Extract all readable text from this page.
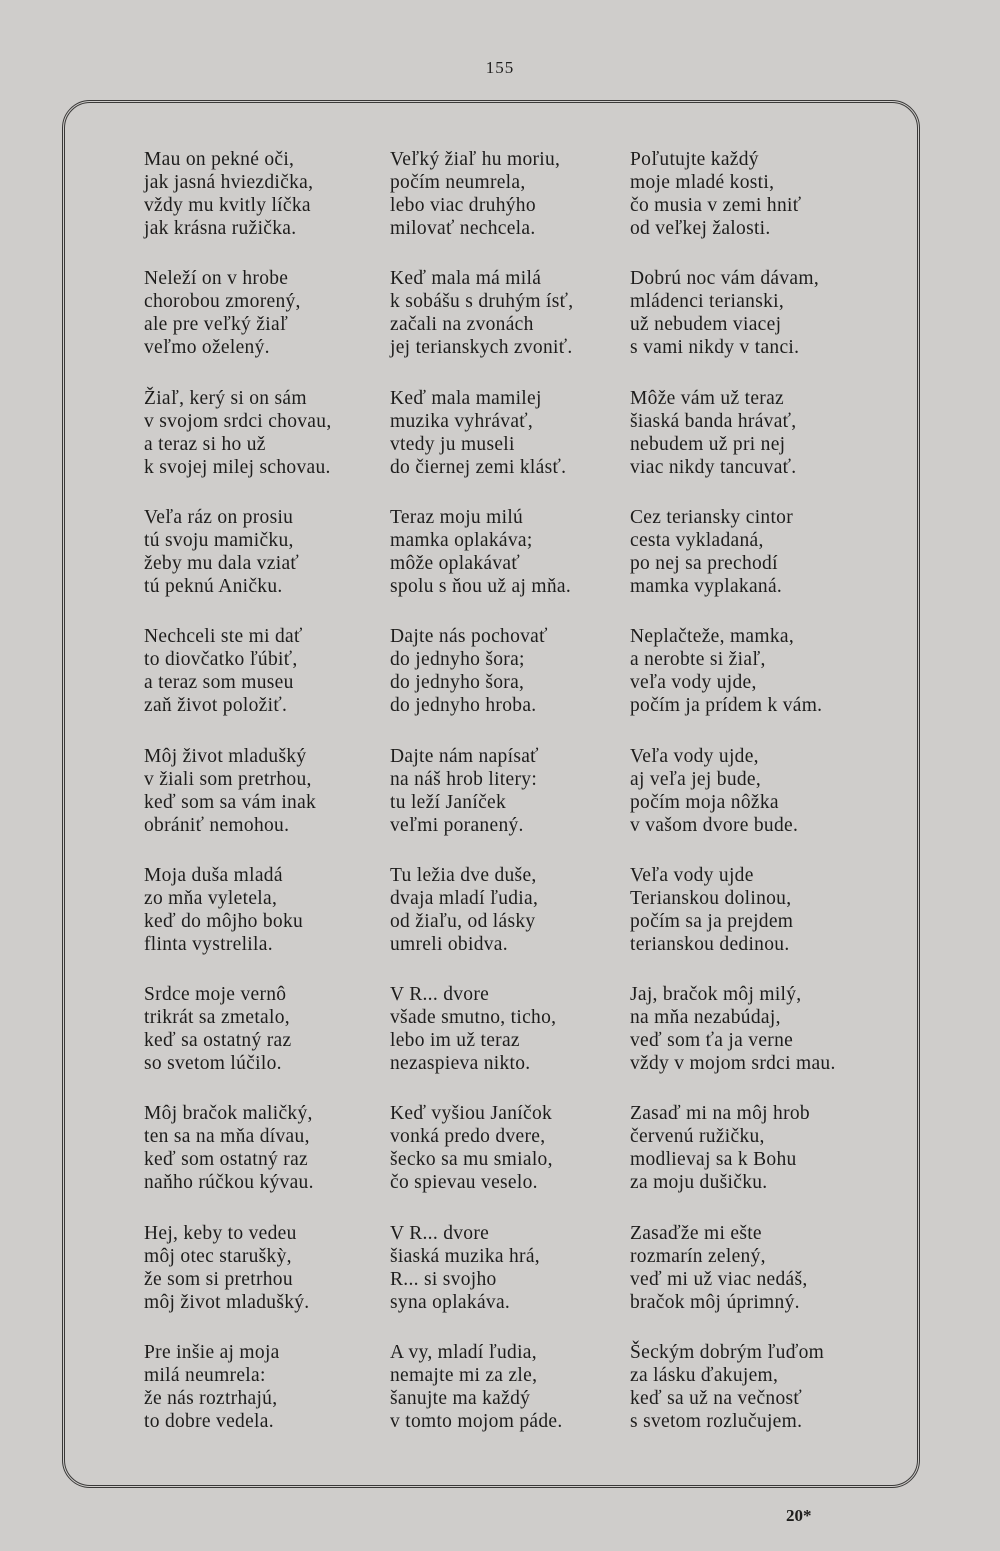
155
Mau on pekné oči,
jak jasná hviezdička,
vždy mu kvitly líčka
jak krásna ružička.
Neleží on v hrobe
chorobou zmorený,
ale pre veľký žiaľ
veľmo oželený.
Žiaľ, kerý si on sám
v svojom srdci chovau,
a teraz si ho už
k svojej milej schovau.
Veľa ráz on prosiu
tú svoju mamičku,
žeby mu dala vziať
tú peknú Aničku.
Nechceli ste mi dať
to diovčatko ľúbiť,
a teraz som museu
zaň život položiť.
Môj život mladušký
v žiali som pretrhou,
keď som sa vám inak
obrániť nemohou.
Moja duša mladá
zo mňa vyletela,
keď do môjho boku
flinta vystrelila.
Srdce moje vernô
trikrát sa zmetalo,
keď sa ostatný raz
so svetom lúčilo.
Môj bračok maličký,
ten sa na mňa dívau,
keď som ostatný raz
naňho rúčkou kývau.
Hej, keby to vedeu
môj otec staruškỳ,
že som si pretrhou
môj život mladušký.
Pre inšie aj moja
milá neumrela:
že nás roztrhajú,
to dobre vedela.
Veľký žiaľ hu moriu,
počím neumrela,
lebo viac druhýho
milovať nechcela.
Keď mala má milá
k sobášu s druhým ísť,
začali na zvonách
jej terianskych zvoniť.
Keď mala mamilej
muzika vyhrávať,
vtedy ju museli
do čiernej zemi klásť.
Teraz moju milú
mamka oplakáva;
môže oplakávať
spolu s ňou už aj mňa.
Dajte nás pochovať
do jednyho šora;
do jednyho šora,
do jednyho hroba.
Dajte nám napísať
na náš hrob litery:
tu leží Janíček
veľmi poranený.
Tu ležia dve duše,
dvaja mladí ľudia,
od žiaľu, od lásky
umreli obidva.
V R... dvore
všade smutno, ticho,
lebo im už teraz
nezaspieva nikto.
Keď vyšiou Janíčok
vonká predo dvere,
šecko sa mu smialo,
čo spievau veselo.
V R... dvore
šiaská muzika hrá,
R... si svojho
syna oplakáva.
A vy, mladí ľudia,
nemajte mi za zle,
šanujte ma každý
v tomto mojom páde.
Poľutujte každý
moje mladé kosti,
čo musia v zemi hniť
od veľkej žalosti.
Dobrú noc vám dávam,
mládenci terianski,
už nebudem viacej
s vami nikdy v tanci.
Môže vám už teraz
šiaská banda hrávať,
nebudem už pri nej
viac nikdy tancuvať.
Cez teriansky cintor
cesta vykladaná,
po nej sa prechodí
mamka vyplakaná.
Neplačteže, mamka,
a nerobte si žiaľ,
veľa vody ujde,
počím ja prídem k vám.
Veľa vody ujde,
aj veľa jej bude,
počím moja nôžka
v vašom dvore bude.
Veľa vody ujde
Terianskou dolinou,
počím sa ja prejdem
terianskou dedinou.
Jaj, bračok môj milý,
na mňa nezabúdaj,
veď som ťa ja verne
vždy v mojom srdci mau.
Zasaď mi na môj hrob
červenú ružičku,
modlievaj sa k Bohu
za moju dušičku.
Zasaďže mi ešte
rozmarín zelený,
veď mi už viac nedáš,
bračok môj úprimný.
Šeckým dobrým ľuďom
za lásku ďakujem,
keď sa už na večnosť
s svetom rozlučujem.
20*
